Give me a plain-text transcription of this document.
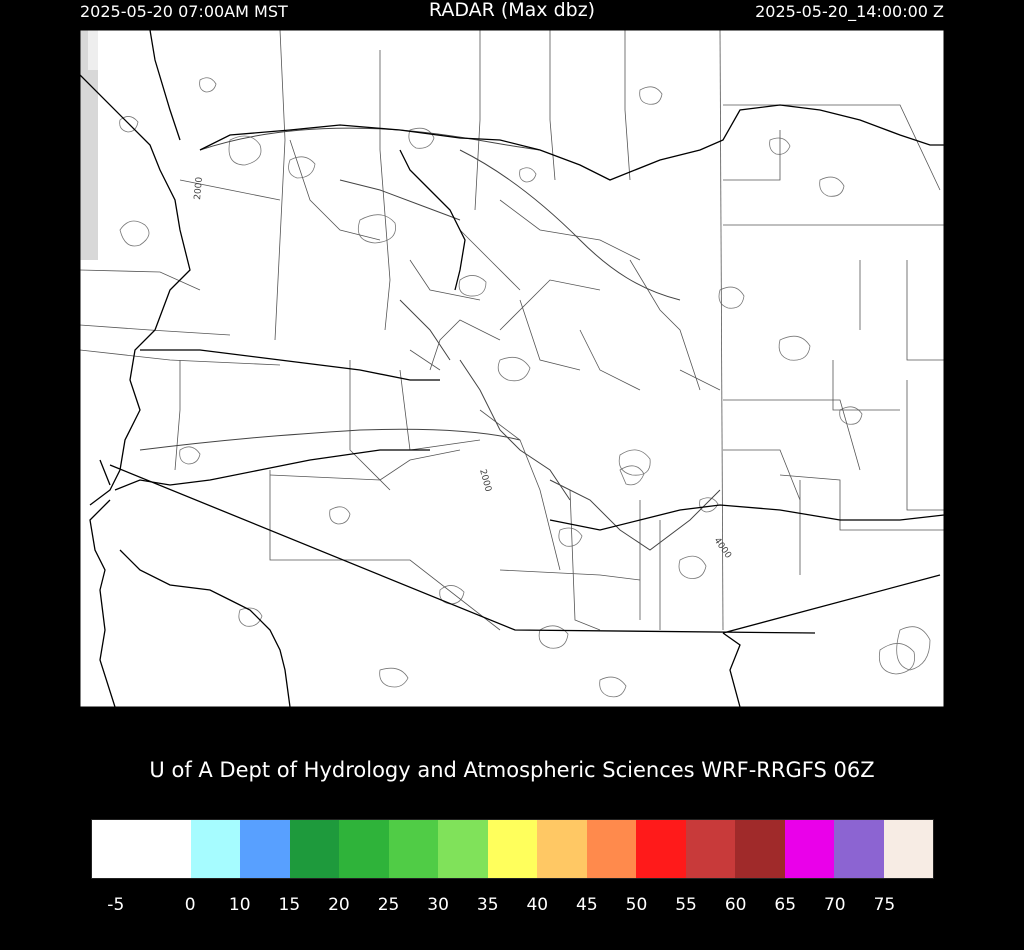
2025-05-20 07:00AM MST	RADAR (Max dbz)	2025-05-20_14:00:00 Z
2000
2000
4000
U of A Dept of Hydrology and Atmospheric Sciences WRF-RRGFS 06Z
-5	0 10 15 20 25 30 35 40 45 50 55 60 65 70 75
